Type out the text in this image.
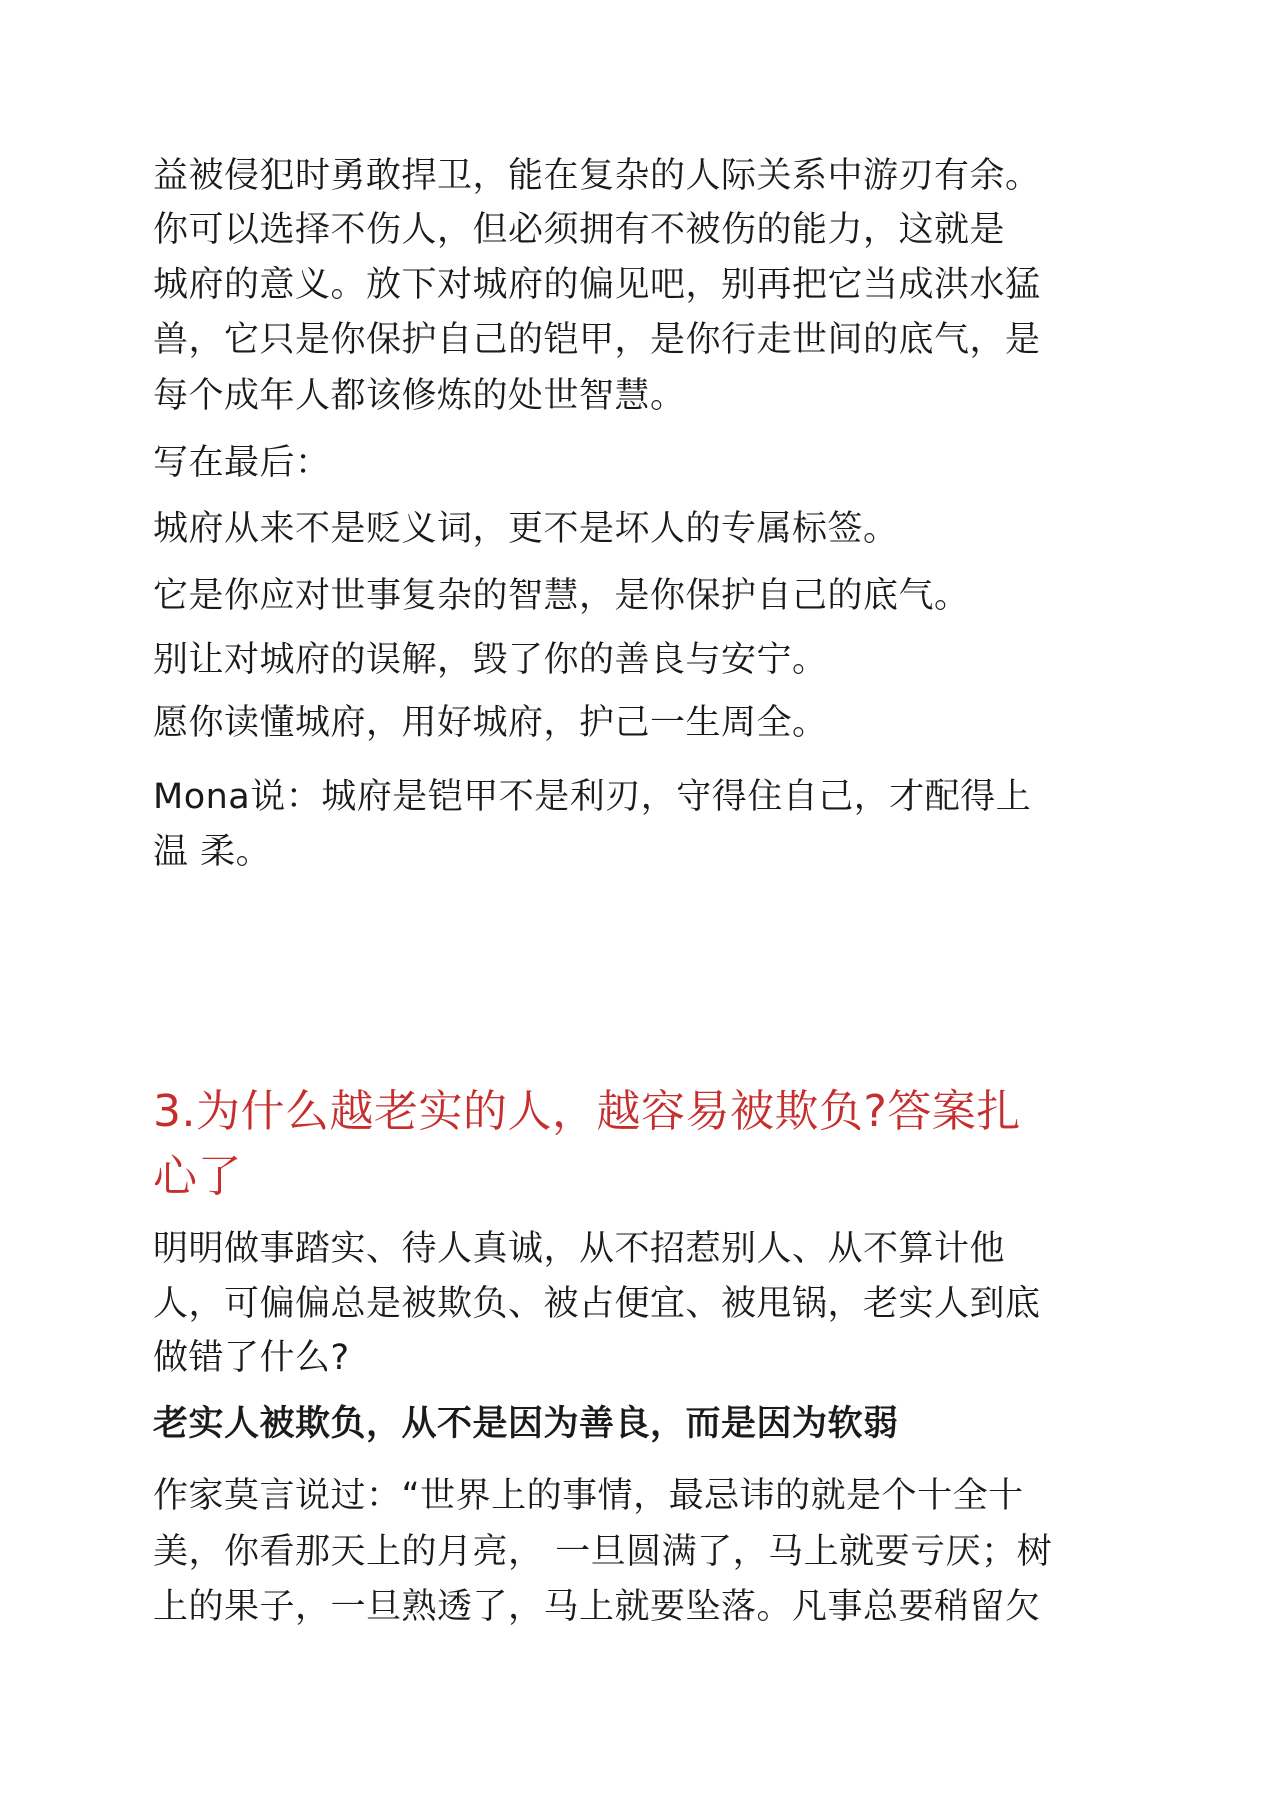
益被侵犯时勇敢捍卫，能在复杂的人际关系中游刃有余。
你可以选择不伤人，但必须拥有不被伤的能力，这就是
城府的意义。放下对城府的偏见吧，别再把它当成洪水猛
兽，它只是你保护自己的铠甲，是你行走世间的底气，是
每个成年人都该修炼的处世智慧。
写在最后：
城府从来不是贬义词，更不是坏人的专属标签。
它是你应对世事复杂的智慧，是你保护自己的底气。
别让对城府的误解，毁了你的善良与安宁。
愿你读懂城府，用好城府，护己一生周全。
Mona说：城府是铠甲不是利刃，守得住自己，才配得上
温 柔。
3.为什么越老实的人，越容易被欺负?答案扎
心了
明明做事踏实、待人真诚，从不招惹别人、从不算计他
人，可偏偏总是被欺负、被占便宜、被甩锅，老实人到底
做错了什么?
老实人被欺负，从不是因为善良，而是因为软弱
作家莫言说过：“世界上的事情，最忌讳的就是个十全十
美，你看那天上的月亮， 一旦圆满了，马上就要亏厌；树
上的果子，一旦熟透了，马上就要坠落。凡事总要稍留欠
